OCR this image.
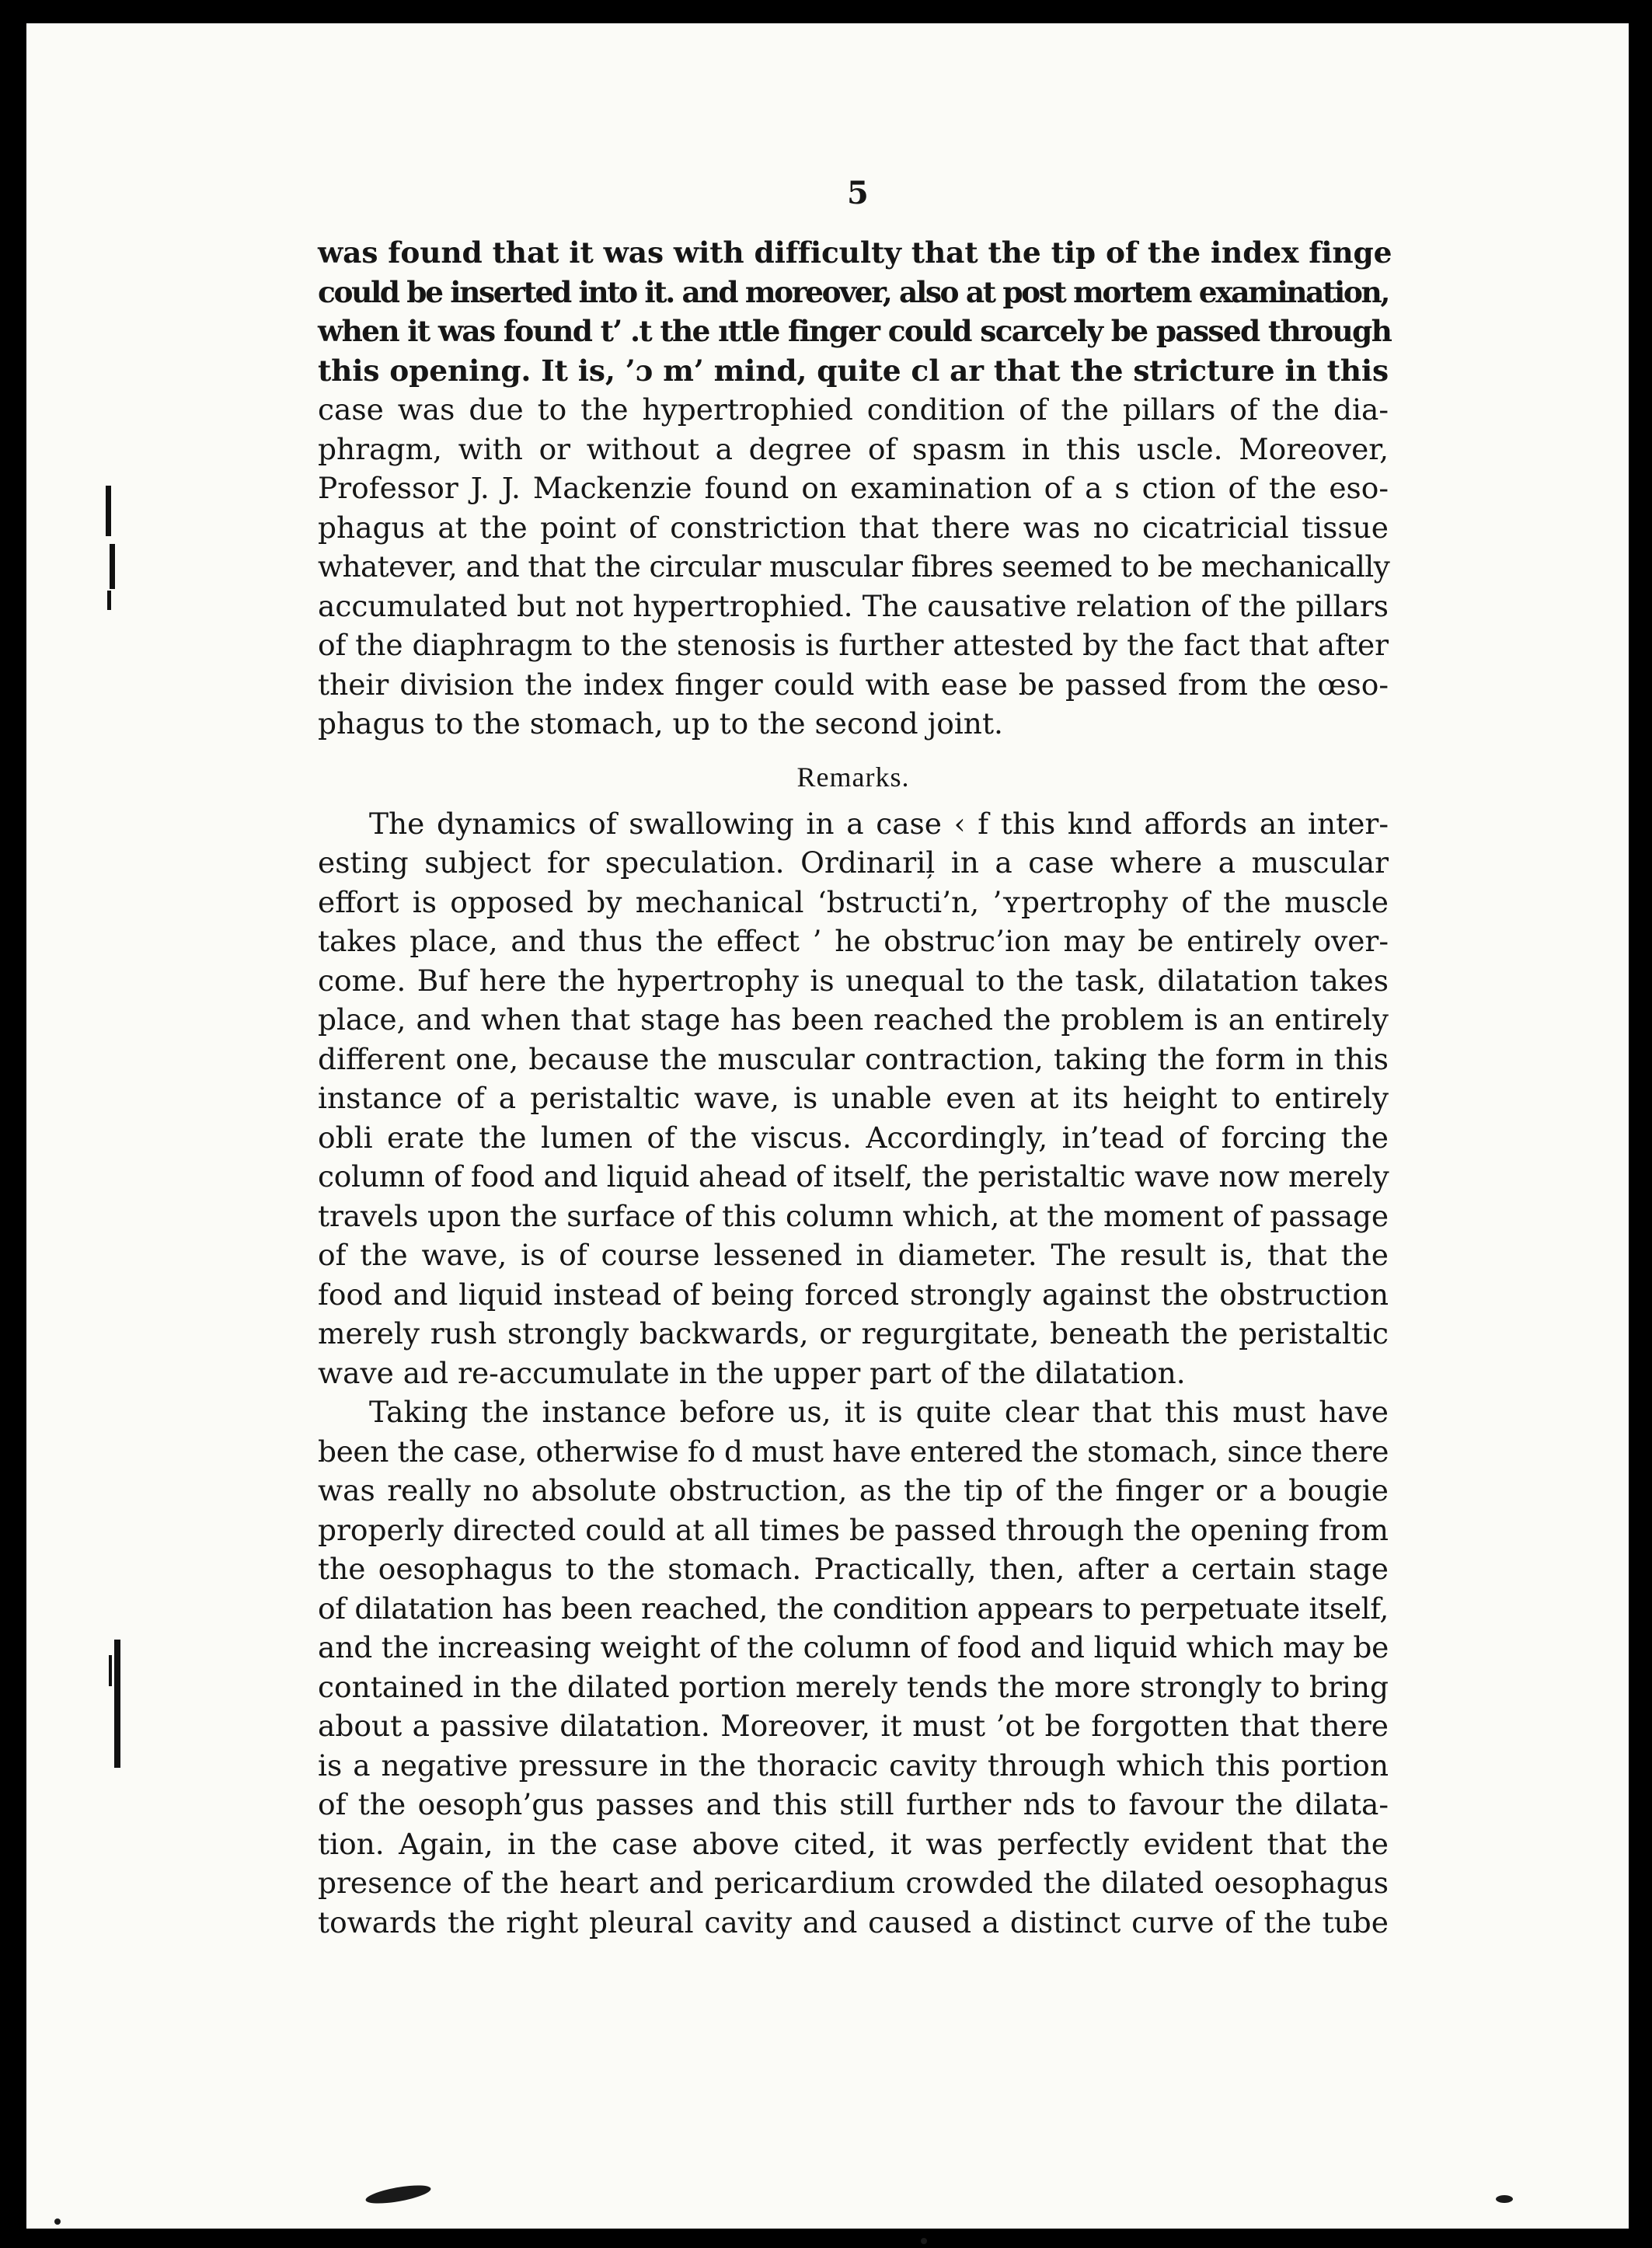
5
was found that it was with difficulty that the tip of the index finge
could be inserted into it. and moreover, also at post mortem examination,
when it was found t’ .t the ıttle finger could scarcely be passed through
this opening. It is, ’ɔ m’ mind, quite cl ar that the stricture in this
case was due to the hypertrophied condition of the pillars of the dia-
phragm, with or without a degree of spasm in this uscle. Moreover,
Professor J. J. Mackenzie found on examination of a s ction of the eso-
phagus at the point of constriction that there was no cicatricial tissue
whatever, and that the circular muscular fibres seemed to be mechanically
accumulated but not hypertrophied. The causative relation of the pillars
of the diaphragm to the stenosis is further attested by the fact that after
their division the index finger could with ease be passed from the œso-
phagus to the stomach, up to the second joint.
Remarks.
The dynamics of swallowing in a case ‹ f this kınd affords an inter-
esting subject for speculation. Ordinariļ in a case where a muscular
effort is opposed by mechanical ‘bstructi’n, ’ʏpertrophy of the muscle
takes place, and thus the effect ’ he obstruc’ion may be entirely over-
come. Buf here the hypertrophy is unequal to the task, dilatation takes
place, and when that stage has been reached the problem is an entirely
different one, because the muscular contraction, taking the form in this
instance of a peristaltic wave, is unable even at its height to entirely
obli erate the lumen of the viscus. Accordingly, in’tead of forcing the
column of food and liquid ahead of itself, the peristaltic wave now merely
travels upon the surface of this column which, at the moment of passage
of the wave, is of course lessened in diameter. The result is, that the
food and liquid instead of being forced strongly against the obstruction
merely rush strongly backwards, or regurgitate, beneath the peristaltic
wave aıd re-accumulate in the upper part of the dilatation.
Taking the instance before us, it is quite clear that this must have
been the case, otherwise fo d must have entered the stomach, since there
was really no absolute obstruction, as the tip of the finger or a bougie
properly directed could at all times be passed through the opening from
the oesophagus to the stomach. Practically, then, after a certain stage
of dilatation has been reached, the condition appears to perpetuate itself,
and the increasing weight of the column of food and liquid which may be
contained in the dilated portion merely tends the more strongly to bring
about a passive dilatation. Moreover, it must ’ot be forgotten that there
is a negative pressure in the thoracic cavity through which this portion
of the oesoph’gus passes and this still further nds to favour the dilata-
tion. Again, in the case above cited, it was perfectly evident that the
presence of the heart and pericardium crowded the dilated oesophagus
towards the right pleural cavity and caused a distinct curve of the tube
